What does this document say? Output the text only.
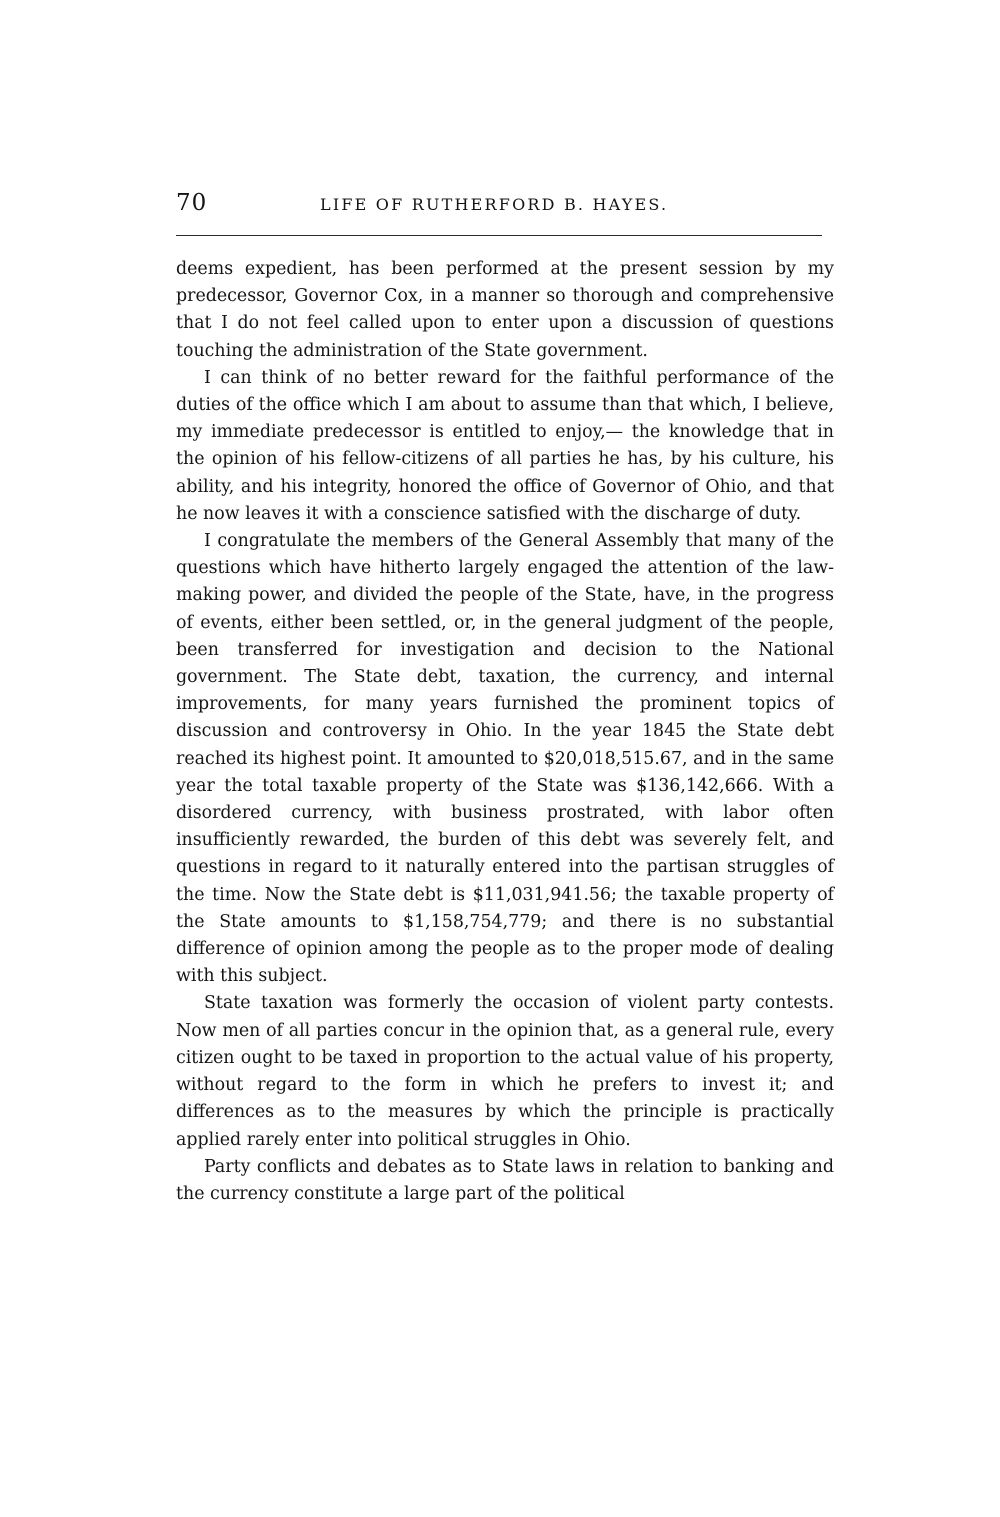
70	LIFE OF RUTHERFORD B. HAYES.

deems expedient, has been performed at the present session by my predecessor, Governor Cox, in a manner so thorough and comprehensive that I do not feel called upon to enter upon a discussion of questions touching the administration of the State government.

I can think of no better reward for the faithful performance of the duties of the office which I am about to assume than that which, I believe, my immediate predecessor is entitled to enjoy,— the knowledge that in the opinion of his fellow-citizens of all parties he has, by his culture, his ability, and his integrity, honored the office of Governor of Ohio, and that he now leaves it with a conscience satisfied with the discharge of duty.

I congratulate the members of the General Assembly that many of the questions which have hitherto largely engaged the attention of the law-making power, and divided the people of the State, have, in the progress of events, either been settled, or, in the general judgment of the people, been transferred for investigation and decision to the National government. The State debt, taxation, the currency, and internal improvements, for many years furnished the prominent topics of discussion and controversy in Ohio. In the year 1845 the State debt reached its highest point. It amounted to $20,018,515.67, and in the same year the total taxable property of the State was $136,142,666. With a disordered currency, with business prostrated, with labor often insufficiently rewarded, the burden of this debt was severely felt, and questions in regard to it naturally entered into the partisan struggles of the time. Now the State debt is $11,031,941.56; the taxable property of the State amounts to $1,158,754,779; and there is no substantial difference of opinion among the people as to the proper mode of dealing with this subject.

State taxation was formerly the occasion of violent party contests. Now men of all parties concur in the opinion that, as a general rule, every citizen ought to be taxed in proportion to the actual value of his property, without regard to the form in which he prefers to invest it; and differences as to the measures by which the principle is practically applied rarely enter into political struggles in Ohio.

Party conflicts and debates as to State laws in relation to banking and the currency constitute a large part of the political
